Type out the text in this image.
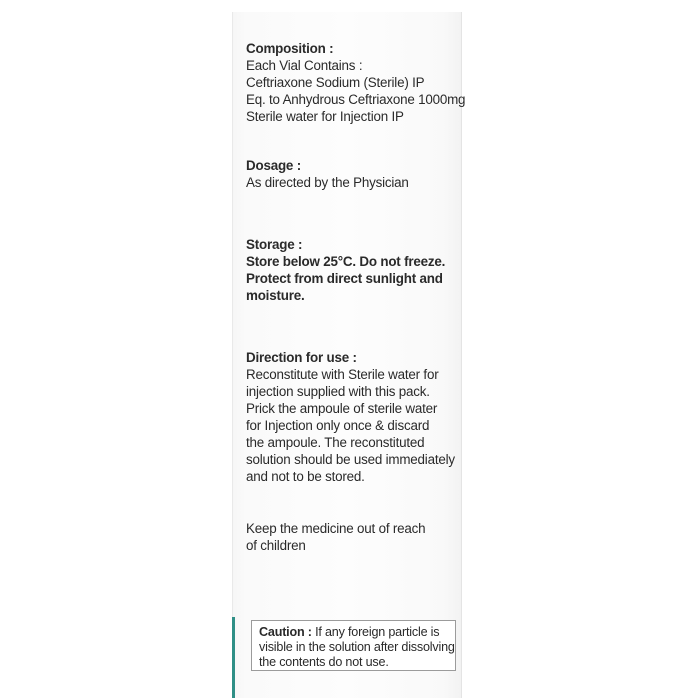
Composition :
Each Vial Contains :
Ceftriaxone Sodium (Sterile) IP
Eq. to Anhydrous Ceftriaxone 1000mg
Sterile water for Injection IP
Dosage :
As directed by the Physician
Storage :
Store below 25°C. Do not freeze.
Protect from direct sunlight and
moisture.
Direction for use :
Reconstitute with Sterile water for
injection supplied with this pack.
Prick the ampoule of sterile water
for Injection only once & discard
the ampoule. The reconstituted
solution should be used immediately
and not to be stored.
Keep the medicine out of reach
of children
Caution : If any foreign particle is
visible in the solution after dissolving
the contents do not use.
